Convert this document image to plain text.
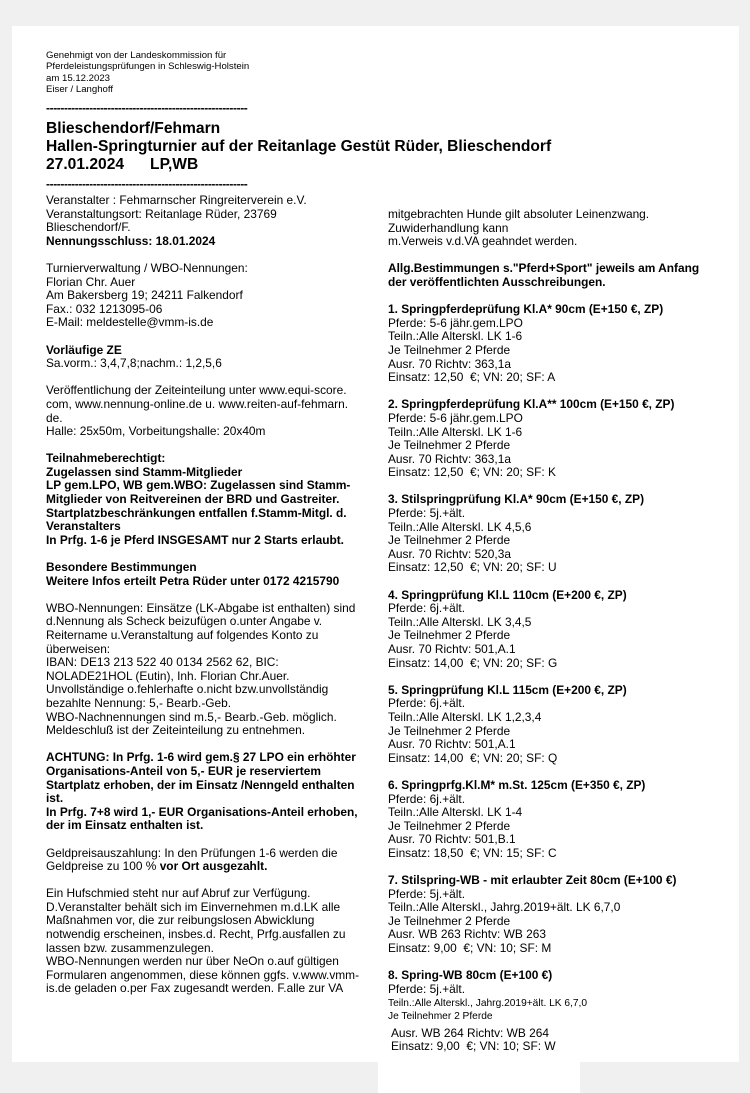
Genehmigt von der Landeskommission für
Pferdeleistungsprüfungen in Schleswig-Holstein
am 15.12.2023
Eiser / Langhoff
--------------------------------------------------------
Blieschendorf/Fehmarn
Hallen-Springturnier auf der Reitanlage Gestüt Rüder, Blieschendorf
27.01.2024 LP,WB
--------------------------------------------------------
Veranstalter : Fehmarnscher Ringreiterverein e.V.
Veranstaltungsort: Reitanlage Rüder, 23769
Blieschendorf/F.
Nennungsschluss: 18.01.2024
Turnierverwaltung / WBO-Nennungen:
Florian Chr. Auer
Am Bakersberg 19; 24211 Falkendorf
Fax.: 032 1213095-06
E-Mail: meldestelle@vmm-is.de
Vorläufige ZE
Sa.vorm.: 3,4,7,8;nachm.: 1,2,5,6
Veröffentlichung der Zeiteinteilung unter www.equi-score.
com, www.nennung-online.de u. www.reiten-auf-fehmarn.
de.
Halle: 25x50m, Vorbeitungshalle: 20x40m
Teilnahmeberechtigt:
Zugelassen sind Stamm-Mitglieder
LP gem.LPO, WB gem.WBO: Zugelassen sind Stamm-
Mitglieder von Reitvereinen der BRD und Gastreiter.
Startplatzbeschränkungen entfallen f.Stamm-Mitgl. d.
Veranstalters
In Prfg. 1-6 je Pferd INSGESAMT nur 2 Starts erlaubt.
Besondere Bestimmungen
Weitere Infos erteilt Petra Rüder unter 0172 4215790
WBO-Nennungen: Einsätze (LK-Abgabe ist enthalten) sind
d.Nennung als Scheck beizufügen o.unter Angabe v.
Reitername u.Veranstaltung auf folgendes Konto zu
überweisen:
IBAN: DE13 213 522 40 0134 2562 62, BIC:
NOLADE21HOL (Eutin), Inh. Florian Chr.Auer.
Unvollständige o.fehlerhafte o.nicht bzw.unvollständig
bezahlte Nennung: 5,- Bearb.-Geb.
WBO-Nachnennungen sind m.5,- Bearb.-Geb. möglich.
Meldeschluß ist der Zeiteinteilung zu entnehmen.
ACHTUNG: In Prfg. 1-6 wird gem.§ 27 LPO ein erhöhter
Organisations-Anteil von 5,- EUR je reserviertem
Startplatz erhoben, der im Einsatz /Nenngeld enthalten
ist.
In Prfg. 7+8 wird 1,- EUR Organisations-Anteil erhoben,
der im Einsatz enthalten ist.
Geldpreisauszahlung: In den Prüfungen 1-6 werden die
Geldpreise zu 100 % vor Ort ausgezahlt.
Ein Hufschmied steht nur auf Abruf zur Verfügung.
D.Veranstalter behält sich im Einvernehmen m.d.LK alle
Maßnahmen vor, die zur reibungslosen Abwicklung
notwendig erscheinen, insbes.d. Recht, Prfg.ausfallen zu
lassen bzw. zusammenzulegen.
WBO-Nennungen werden nur über NeOn o.auf gültigen
Formularen angenommen, diese können ggfs. v.www.vmm-
is.de geladen o.per Fax zugesandt werden. F.alle zur VA
mitgebrachten Hunde gilt absoluter Leinenzwang.
Zuwiderhandlung kann
m.Verweis v.d.VA geahndet werden.
Allg.Bestimmungen s."Pferd+Sport" jeweils am Anfang
der veröffentlichten Ausschreibungen.
1. Springpferdeprüfung Kl.A* 90cm (E+150 €, ZP)
Pferde: 5-6 jähr.gem.LPO
Teiln.:Alle Alterskl. LK 1-6
Je Teilnehmer 2 Pferde
Ausr. 70 Richtv: 363,1a
Einsatz: 12,50  €; VN: 20; SF: A
2. Springpferdeprüfung Kl.A** 100cm (E+150 €, ZP)
Pferde: 5-6 jähr.gem.LPO
Teiln.:Alle Alterskl. LK 1-6
Je Teilnehmer 2 Pferde
Ausr. 70 Richtv: 363,1a
Einsatz: 12,50  €; VN: 20; SF: K
3. Stilspringprüfung Kl.A* 90cm (E+150 €, ZP)
Pferde: 5j.+ält.
Teiln.:Alle Alterskl. LK 4,5,6
Je Teilnehmer 2 Pferde
Ausr. 70 Richtv: 520,3a
Einsatz: 12,50  €; VN: 20; SF: U
4. Springprüfung Kl.L 110cm (E+200 €, ZP)
Pferde: 6j.+ält.
Teiln.:Alle Alterskl. LK 3,4,5
Je Teilnehmer 2 Pferde
Ausr. 70 Richtv: 501,A.1
Einsatz: 14,00  €; VN: 20; SF: G
5. Springprüfung Kl.L 115cm (E+200 €, ZP)
Pferde: 6j.+ält.
Teiln.:Alle Alterskl. LK 1,2,3,4
Je Teilnehmer 2 Pferde
Ausr. 70 Richtv: 501,A.1
Einsatz: 14,00  €; VN: 20; SF: Q
6. Springprfg.Kl.M* m.St. 125cm (E+350 €, ZP)
Pferde: 6j.+ält.
Teiln.:Alle Alterskl. LK 1-4
Je Teilnehmer 2 Pferde
Ausr. 70 Richtv: 501,B.1
Einsatz: 18,50  €; VN: 15; SF: C
7. Stilspring-WB - mit erlaubter Zeit 80cm (E+100 €)
Pferde: 5j.+ält.
Teiln.:Alle Alterskl., Jahrg.2019+ält. LK 6,7,0
Je Teilnehmer 2 Pferde
Ausr. WB 263 Richtv: WB 263
Einsatz: 9,00  €; VN: 10; SF: M
8. Spring-WB 80cm (E+100 €)
Pferde: 5j.+ält.
Teiln.:Alle Alterskl., Jahrg.2019+ält. LK 6,7,0
Je Teilnehmer 2 Pferde
Ausr. WB 264 Richtv: WB 264
Einsatz: 9,00  €; VN: 10; SF: W
